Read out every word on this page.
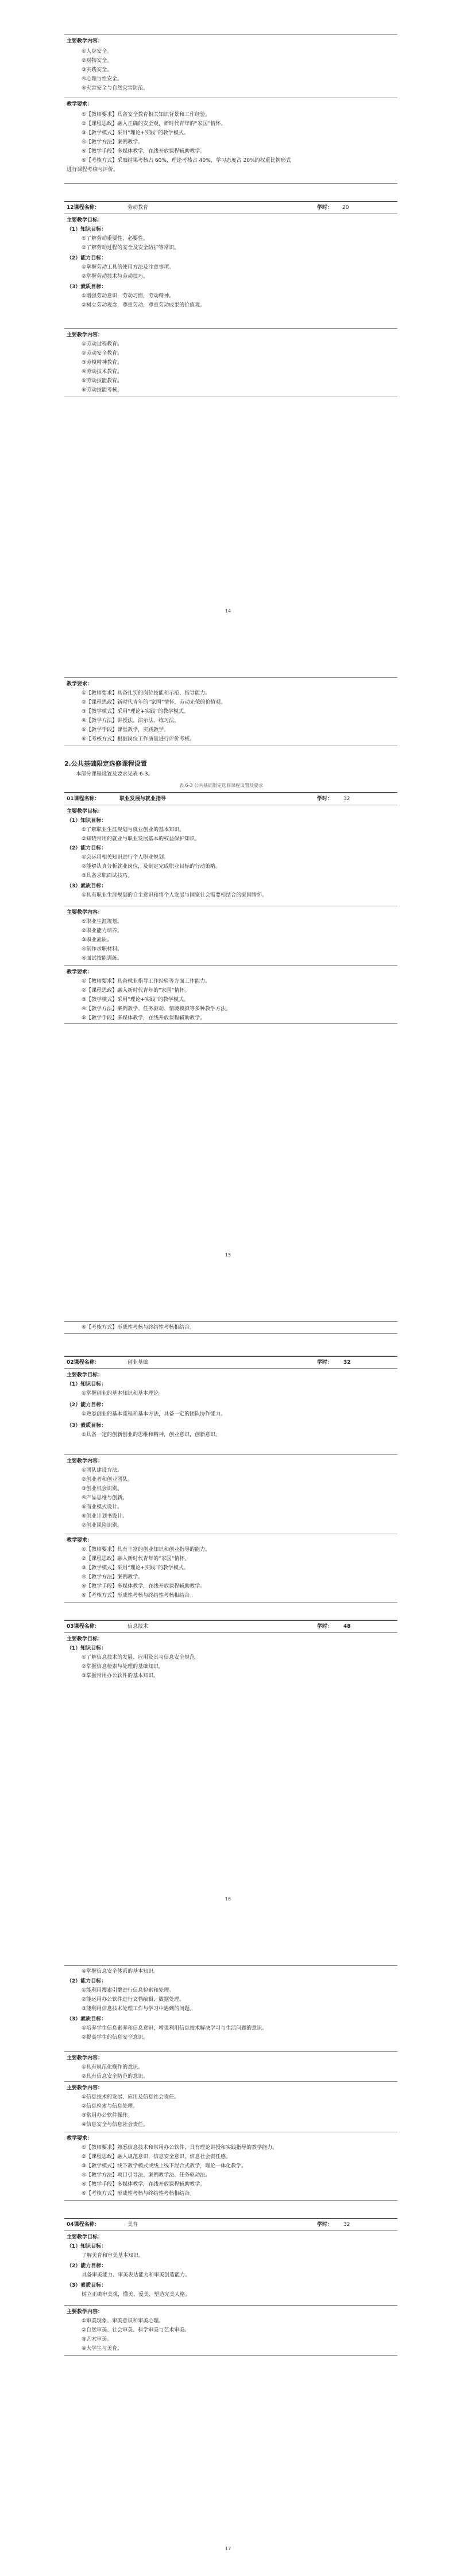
主要教学内容：
①人身安全。
②财物安全。
③实践安全。
④心理与性安全。
⑤灾害安全与自然灾害防范。
教学要求：
①【教师要求】具备安全教育相关知识背景和工作经验。
②【课程思政】融入正确的安全观，新时代青年的“家国”情怀。
③【教学模式】采用“理论+实践”的教学模式。
④【教学方法】案例教学。
⑤【教学手段】多媒体教学，在线开放课程辅助教学。
⑥【考核方式】采取结果考核占 60%，理论考核占 40%，学习态度占 20%的权重比例形式
进行课程考核与评价。
12课程名称：	劳动教育	学时： 20
主要教学目标：
（1）知识目标：
①了解劳动重要性、必要性。
②了解劳动过程的安全及安全防护等常识。
（2）能力目标：
①掌握劳动工具的使用方法及注意事项。
②掌握劳动技术与劳动技巧。
（3）素质目标：
①增强劳动意识，劳动习惯，劳动精神。
②树立劳动观念，尊重劳动，尊重劳动成果的价值观。
主要教学内容：
①劳动过程教育。
②劳动安全教育。
③劳模精神教育。
④劳动技术教育。
⑤劳动技能教育。
⑥劳动技能考核。
14
教学要求：
①【教师要求】具备扎实的岗位技能和示范、指导能力。
②【课程思政】新时代青年的“家国”情怀，劳动光荣的价值观。
③【教学模式】采用“理论+实践”的教学模式。
④【教学方法】讲授法、演示法、练习法。
⑤【教学手段】课堂教学，实践教学。
⑥【考核方式】根据岗位工作质量进行评价考核。
2.公共基础限定选修课程设置
本部分课程设置及要求见表 6-3。
表 6-3 公共基础限定选修课程设置及要求
01课程名称：	职业发展与就业指导	学时： 32
主要教学目标：
（1）知识目标：
①了解职业生涯规划与就业创业的基本知识。
②知晓常用的就业与职业发展基本的权益保护知识。
（2）能力目标：
①会运用相关知识进行个人职业规划。
②能够认真分析就业岗位，及制定完成职业目标的行动策略。
③具备求职面试技巧。
（3）素质目标：
①具有职业生涯规划的自主意识和将个人发展与国家社会需要相结合的家国情怀。
主要教学内容：
①职业生涯规划。
②职业能力培养。
③职业素质。
④制作求职材料。
⑤面试技能训练。
教学要求：
①【教师要求】具备就业指导工作经验等方面工作能力。
②【课程思政】融入新时代青年的“家国”情怀。
③【教学模式】采用“理论+实践”的教学模式。
④【教学方法】案例教学、任务驱动、情境模拟等多种教学方法。
⑤【教学手段】多媒体教学，在线开放课程辅助教学。
15
⑥【考核方式】形成性考核与终结性考核相结合。
02课程名称：	创业基础	学时： 32
主要教学目标：
（1）知识目标：
①掌握创业的基本知识和基本理论。
（2）能力目标：
①熟悉创业的基本流程和基本方法，具备一定的团队协作能力。
（3）素质目标：
①具备一定的创新创业的思维和精神，创业意识，创新意识。
主要教学内容：
①团队建设方法。
②创业者和创业团队。
③创业机会识别。
④产品思维与创新。
⑤商业模式设计。
⑥创业计划书设计。
⑦创业风险识别。
教学要求：
①【教师要求】具有丰富的创业知识和创业指导的能力。
②【课程思政】融入新时代青年的“家国”情怀。
③【教学模式】采用“理论+实践”的教学模式。
④【教学方法】案例教学。
⑤【教学手段】多媒体教学，在线开放课程辅助教学。
⑥【考核方式】形成性考核与终结性考核相结合。
03课程名称：	信息技术	学时： 48
主要教学目标：
（1）知识目标：
①了解信息技术的发展、应用及其与信息安全规范。
②掌握信息检索与处理的基础知识。
③掌握常用办公软件的基本知识。
16
④掌握信息安全体系的基本知识。
（2）能力目标：
①能利用搜索引擎进行信息检索和处理。
②能运用办公软件进行文档编辑、数据处理。
③能利用信息技术处理工作与学习中遇到的问题。
（3）素质目标：
①培养学生信息素养和信息意识，增强利用信息技术解决学习与生活问题的意识。
②提高学生的信息安全意识。
主要教学内容：
①具有规范化操作的意识。
②具有信息安全防范的意识。
主要教学内容：
①信息技术的发展、应用及信息社会责任。
②信息检索与信息处理。
③常用办公软件操作。
④信息安全与信息社会责任。
教学要求：
①【教师要求】熟悉信息技术和常用办公软件，具有理论讲授和实践指导的教学能力。
②【课程思政】融入规范意识，信息安全意识，信息社会责任感。
③【教学模式】线下教学模式或线上线下混合式教学，理论一体化教学。
④【教学方法】项目引导法、案例教学法、任务驱动法。
⑤【教学手段】多媒体教学，在线开放课程辅助教学。
⑥【考核方式】形成性考核与终结性考核相结合。
04课程名称：	美育	学时： 32
主要教学目标：
（1）知识目标：
了解美育和审美基本知识。
（2）能力目标：
具备审美能力、审美表达能力和审美创造能力。
（3）素质目标：
树立正确审美观，懂美、爱美、塑造完美人格。
主要教学内容：
①审美现象、审美意识和审美心理。
②自然审美、社会审美、科学审美与艺术审美。
③艺术审美。
④大学生与美育。
17
